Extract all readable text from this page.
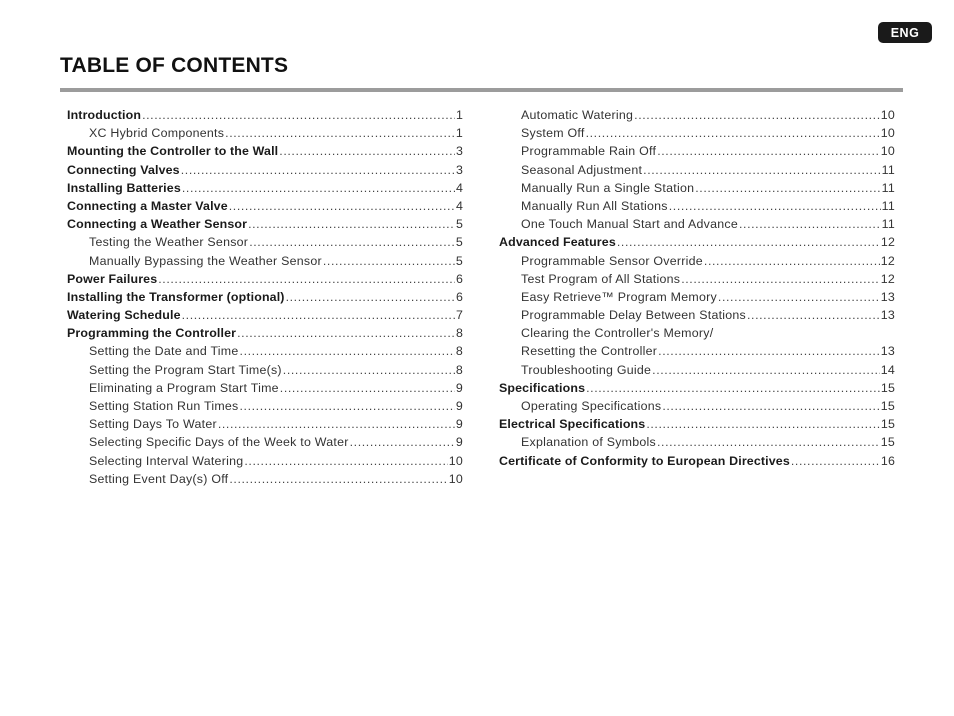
ENG
TABLE OF CONTENTS
Introduction .....	1
XC Hybrid Components .....	1
Mounting the Controller to the Wall .....	3
Connecting Valves .....	3
Installing Batteries .....	4
Connecting a Master Valve .....	4
Connecting a Weather Sensor .....	5
Testing the Weather Sensor .....	5
Manually Bypassing the Weather Sensor .....	5
Power Failures .....	6
Installing the Transformer (optional) .....	6
Watering Schedule .....	7
Programming the Controller .....	8
Setting the Date and Time .....	8
Setting the Program Start Time(s) .....	8
Eliminating a Program Start Time .....	9
Setting Station Run Times .....	9
Setting Days To Water .....	9
Selecting Specific Days of the Week to Water .....	9
Selecting Interval Watering .....	10
Setting Event Day(s) Off .....	10
Automatic Watering .....	10
System Off .....	10
Programmable Rain Off .....	10
Seasonal Adjustment .....	11
Manually Run a Single Station .....	11
Manually Run All Stations .....	11
One Touch Manual Start and Advance .....	11
Advanced Features .....	12
Programmable Sensor Override .....	12
Test Program of All Stations .....	12
Easy Retrieve™ Program Memory .....	13
Programmable Delay Between Stations .....	13
Clearing the Controller's Memory/
Resetting the Controller .....	13
Troubleshooting Guide .....	14
Specifications .....	15
Operating Specifications .....	15
Electrical Specifications .....	15
Explanation of Symbols .....	15
Certificate of Conformity to European Directives .....	16
